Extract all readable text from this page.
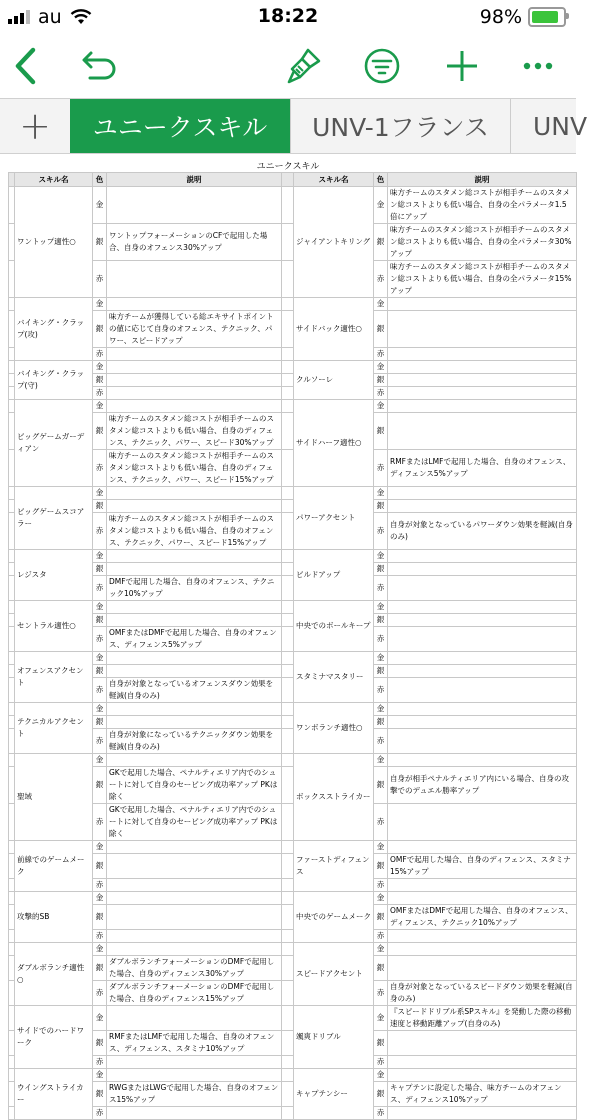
au	18:22	98%
+	ユニークスキル	UNV-1フランス	UNV
ユニークスキル
	スキル名	色	説明		スキル名	色	説明
	ワントップ適性○	金			ジャイアントキリング	金	味方チームのスタメン総コストが相手チームのスタメン総コストよりも低い場合、自身の全パラメータ1.5倍にアップ
		銀	ワントップフォーメーションのCFで起用した場合、自身のオフェンス30%アップ			銀	味方チームのスタメン総コストが相手チームのスタメン総コストよりも低い場合、自身の全パラメータ30%アップ
		赤				赤	味方チームのスタメン総コストが相手チームのスタメン総コストよりも低い場合、自身の全パラメータ15%アップ
	バイキング・クラップ(攻)	金			サイドバック適性○	金	
		銀	味方チームが獲得している総エキサイトポイントの値に応じて自身のオフェンス、テクニック、パワー、スピードアップ			銀	
		赤				赤	
	バイキング・クラップ(守)	金			クルソーレ	金	
		銀				銀	
		赤				赤	
	ビッグゲームガーディアン	金			サイドハーフ適性○	金	
		銀	味方チームのスタメン総コストが相手チームのスタメン総コストよりも低い場合、自身のディフェンス、テクニック、パワー、スピード30%アップ			銀	
		赤	味方チームのスタメン総コストが相手チームのスタメン総コストよりも低い場合、自身のディフェンス、テクニック、パワー、スピード15%アップ			赤	RMFまたはLMFで起用した場合、自身のオフェンス、ディフェンス5%アップ
	ビッグゲームスコアラー	金			パワーアクセント	金	
		銀				銀	
		赤	味方チームのスタメン総コストが相手チームのスタメン総コストよりも低い場合、自身のオフェンス、テクニック、パワー、スピード15%アップ			赤	自身が対象となっているパワーダウン効果を軽減(自身のみ)
	レジスタ	金			ビルドアップ	金	
		銀				銀	
		赤	DMFで起用した場合、自身のオフェンス、テクニック10%アップ			赤	
	セントラル適性○	金			中央でのボールキープ	金	
		銀				銀	
		赤	OMFまたはDMFで起用した場合、自身のオフェンス、ディフェンス5%アップ			赤	
	オフェンスアクセント	金			スタミナマスタリー	金	
		銀				銀	
		赤	自身が対象となっているオフェンスダウン効果を軽減(自身のみ)			赤	
	テクニカルアクセント	金			ワンボランチ適性○	金	
		銀				銀	
		赤	自身が対象になっているテクニックダウン効果を軽減(自身のみ)			赤	
	聖域	金			ボックスストライカー	金	
		銀	GKで起用した場合、ペナルティエリア内でのシュートに対して自身のセービング成功率アップ PKは除く			銀	自身が相手ペナルティエリア内にいる場合、自身の攻撃でのデュエル勝率アップ
		赤	GKで起用した場合、ペナルティエリア内でのシュートに対して自身のセービング成功率アップ PKは除く			赤	
	前線でのゲームメーク	金			ファーストディフェンス	金	
		銀				銀	OMFで起用した場合、自身のディフェンス、スタミナ15%アップ
		赤				赤	
	攻撃的SB	金			中央でのゲームメーク	金	
		銀				銀	OMFまたはDMFで起用した場合、自身のオフェンス、ディフェンス、テクニック10%アップ
		赤				赤	
	ダブルボランチ適性○	金			スピードアクセント	金	
		銀	ダブルボランチフォーメーションのDMFで起用した場合、自身のディフェンス30%アップ			銀	
		赤	ダブルボランチフォーメーションのDMFで起用した場合、自身のディフェンス15%アップ			赤	自身が対象となっているスピードダウン効果を軽減(自身のみ)
	サイドでのハードワーク	金			颯爽ドリブル	金	『スピードドリブル系SPスキル』を発動した際の移動速度と移動距離アップ(自身のみ)
		銀	RMFまたはLMFで起用した場合、自身のオフェンス、ディフェンス、スタミナ10%アップ			銀	
		赤				赤	
	ウイングストライカー	金			キャプテンシー	金	
		銀	RWGまたはLWGで起用した場合、自身のオフェンス15%アップ			銀	キャプテンに設定した場合、味方チームのオフェンス、ディフェンス10%アップ
		赤				赤	
